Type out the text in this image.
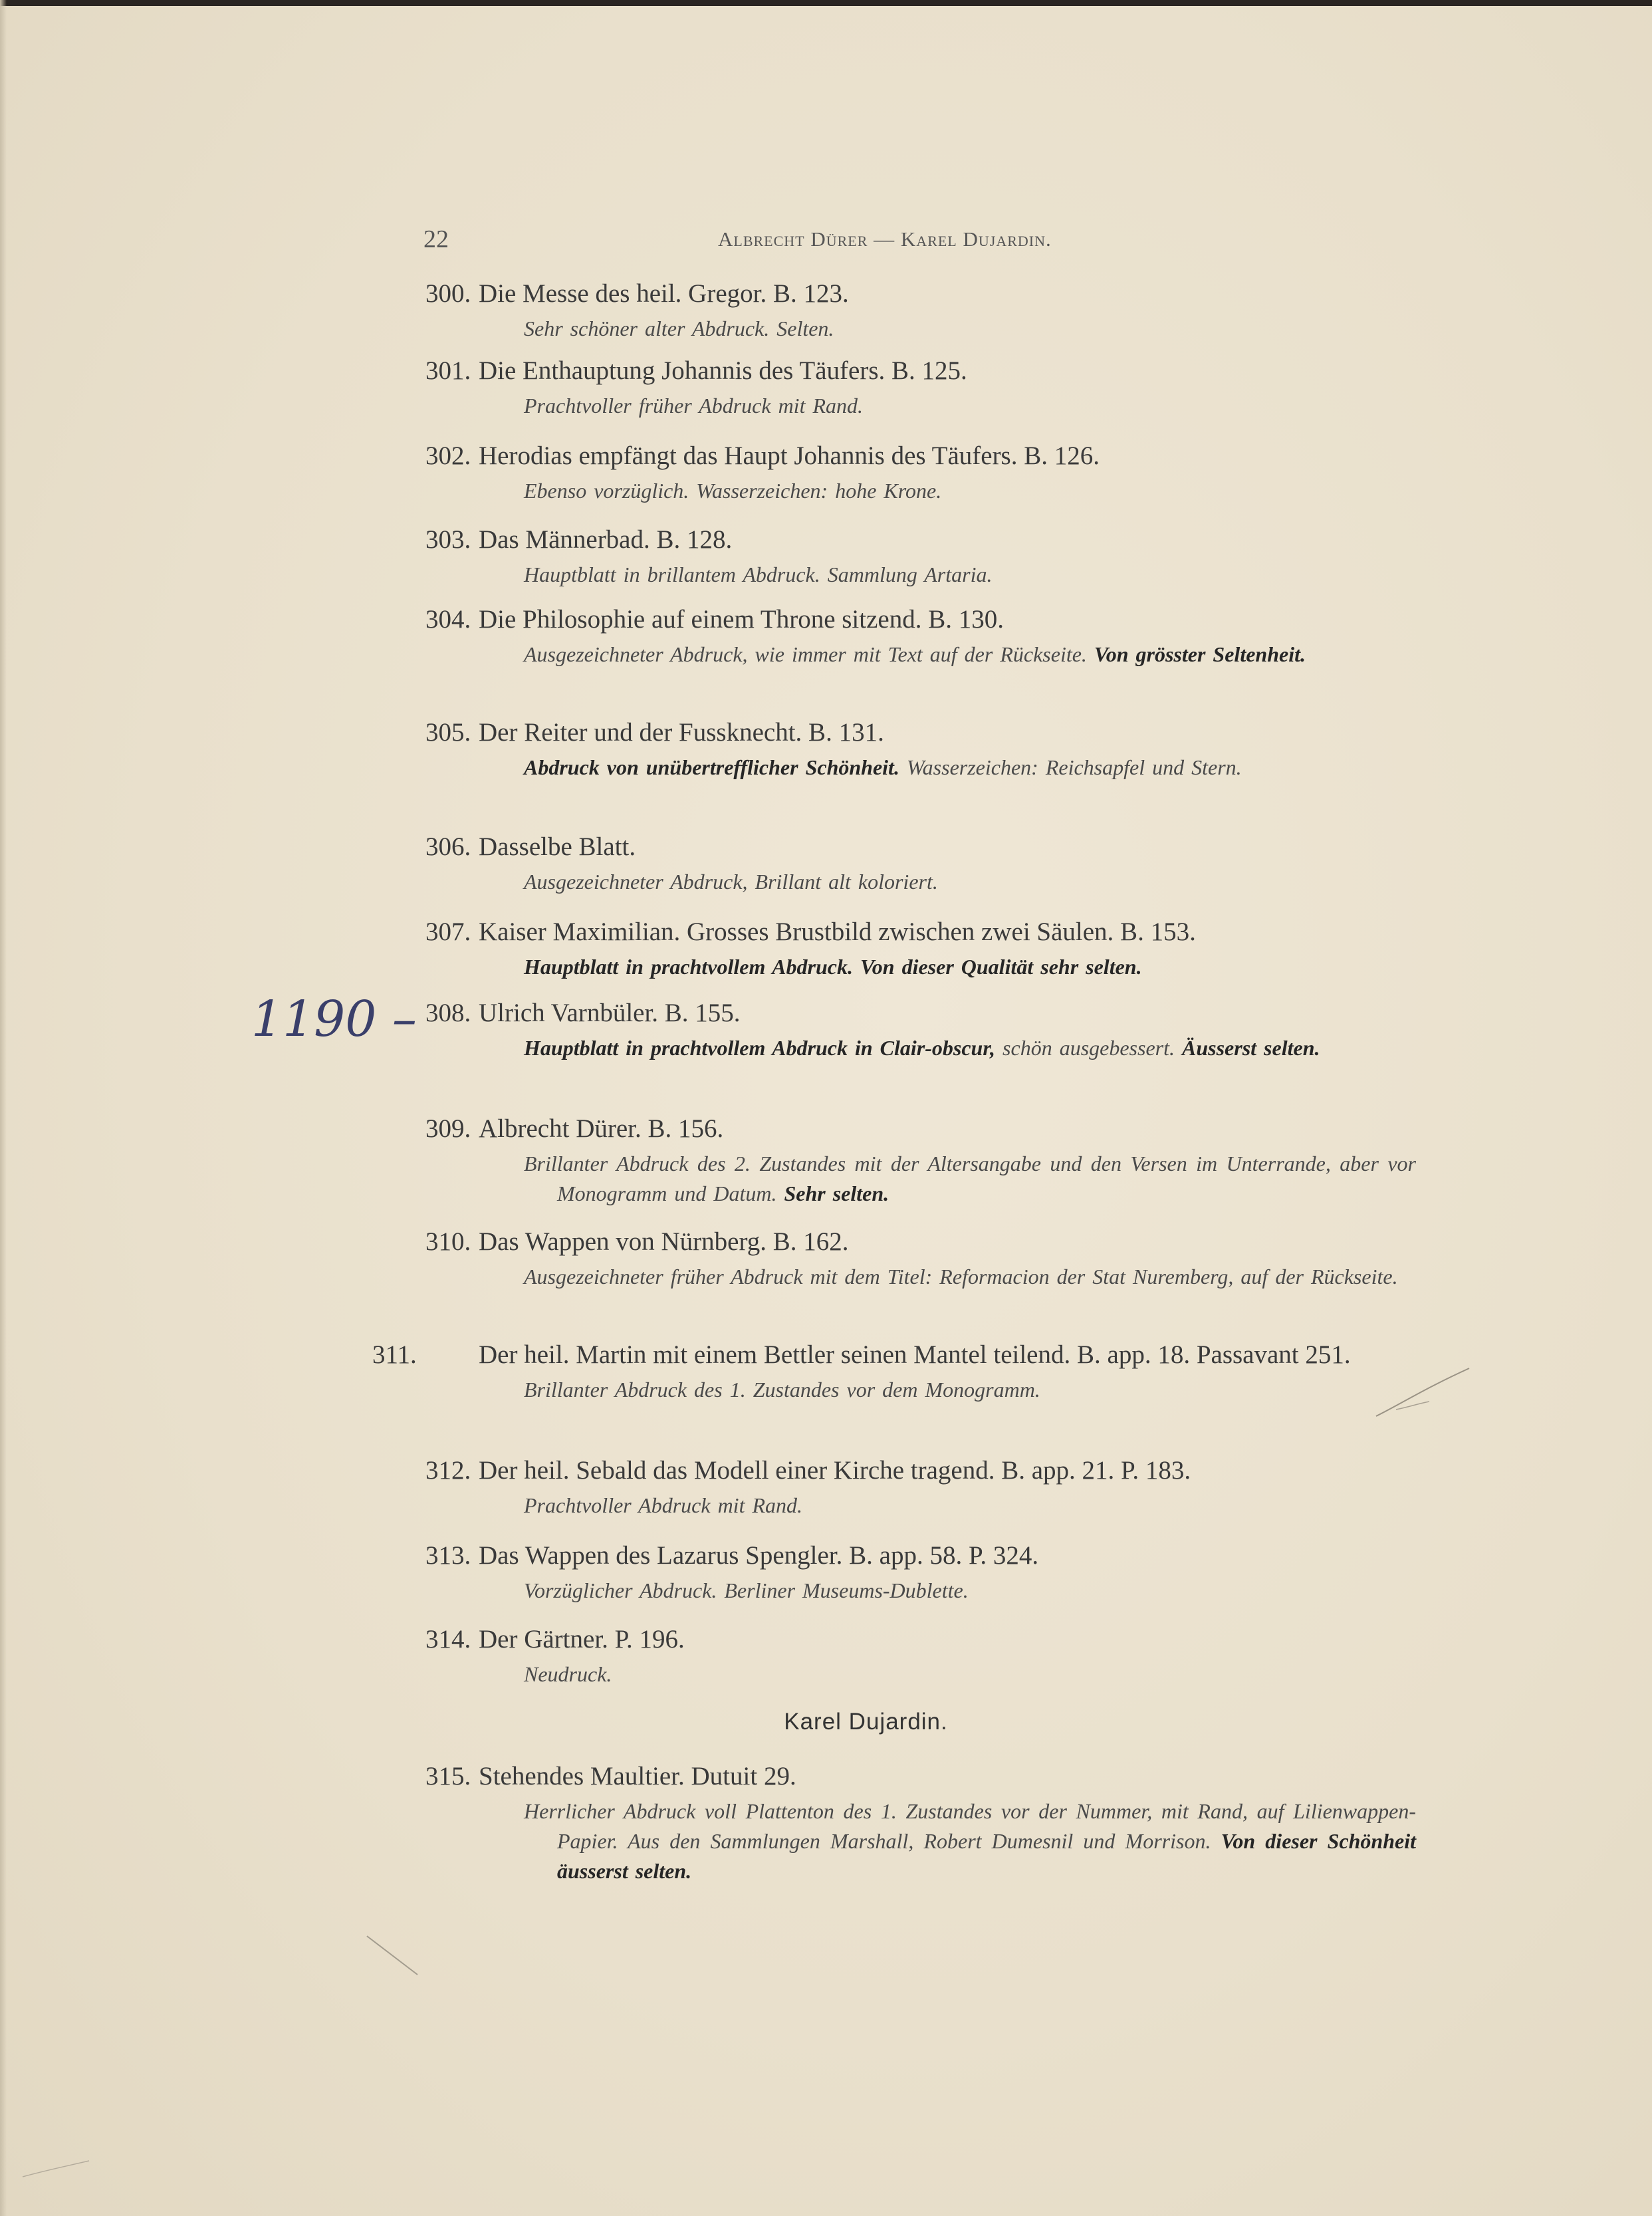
22	Albrecht Dürer — Karel Dujardin.
300. Die Messe des heil. Gregor. B. 123.
Sehr schöner alter Abdruck. Selten.
301. Die Enthauptung Johannis des Täufers. B. 125.
Prachtvoller früher Abdruck mit Rand.
302. Herodias empfängt das Haupt Johannis des Täufers. B. 126.
Ebenso vorzüglich. Wasserzeichen: hohe Krone.
303. Das Männerbad. B. 128.
Hauptblatt in brillantem Abdruck. Sammlung Artaria.
304. Die Philosophie auf einem Throne sitzend. B. 130.
Ausgezeichneter Abdruck, wie immer mit Text auf der Rückseite. Von grösster Seltenheit.
305. Der Reiter und der Fussknecht. B. 131.
Abdruck von unübertrefflicher Schönheit. Wasserzeichen: Reichsapfel und Stern.
306. Dasselbe Blatt.
Ausgezeichneter Abdruck, Brillant alt koloriert.
307. Kaiser Maximilian. Grosses Brustbild zwischen zwei Säulen. B. 153.
Hauptblatt in prachtvollem Abdruck. Von dieser Qualität sehr selten.
308. Ulrich Varnbüler. B. 155.
Hauptblatt in prachtvollem Abdruck in Clair-obscur, schön ausgebessert. Äusserst selten.
309. Albrecht Dürer. B. 156.
Brillanter Abdruck des 2. Zustandes mit der Altersangabe und den Versen im Unterrande, aber vor Monogramm und Datum. Sehr selten.
310. Das Wappen von Nürnberg. B. 162.
Ausgezeichneter früher Abdruck mit dem Titel: Reformacion der Stat Nuremberg, auf der Rückseite.
311. Der heil. Martin mit einem Bettler seinen Mantel teilend. B. app. 18. Passavant 251.
Brillanter Abdruck des 1. Zustandes vor dem Monogramm.
312. Der heil. Sebald das Modell einer Kirche tragend. B. app. 21. P. 183.
Prachtvoller Abdruck mit Rand.
313. Das Wappen des Lazarus Spengler. B. app. 58. P. 324.
Vorzüglicher Abdruck. Berliner Museums-Dublette.
314. Der Gärtner. P. 196.
Neudruck.
315. Stehendes Maultier. Dutuit 29.
Herrlicher Abdruck voll Plattenton des 1. Zustandes vor der Nummer, mit Rand, auf Lilienwappen-Papier. Aus den Sammlungen Marshall, Robert Dumesnil und Morrison. Von dieser Schönheit äusserst selten.
Karel Dujardin.
1190 –
